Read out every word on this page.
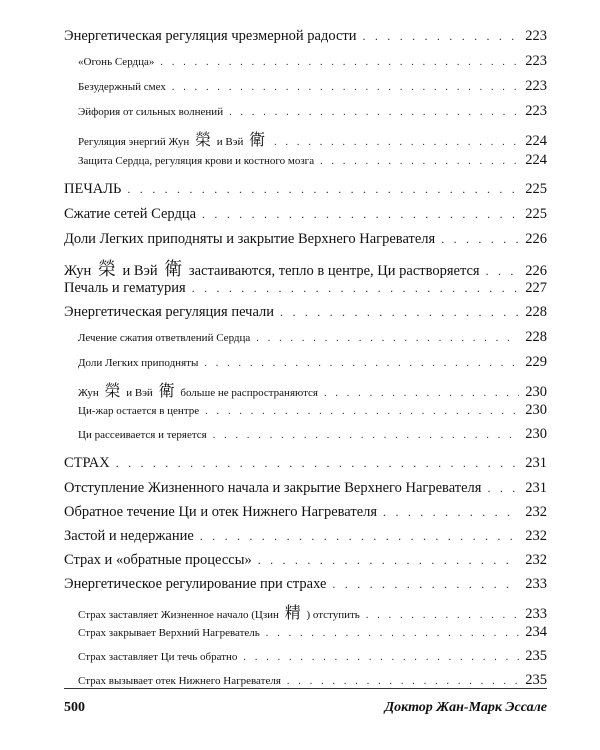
Энергетическая регуляция чрезмерной радости . . .	223
«Огонь Сердца» . . .	223
Безудержный смех . . .	223
Эйфория от сильных волнений . . .	223
Регуляция энергий Жун 榮 и Вэй 衛 . . .	224
Защита Сердца, регуляция крови и костного мозга . . .	224
ПЕЧАЛЬ . . .	225
Сжатие сетей Сердца . . .	225
Доли Легких приподняты и закрытие Верхнего Нагревателя . . .	226
Жун 榮 и Вэй 衛 застаиваются, тепло в центре, Ци растворяется . . .	226
Печаль и гематурия . . .	227
Энергетическая регуляция печали . . .	228
Лечение сжатия ответвлений Сердца . . .	228
Доли Легких приподняты . . .	229
Жун 榮 и Вэй 衛 больше не распространяются . . .	230
Ци-жар остается в центре . . .	230
Ци рассеивается и теряется . . .	230
СТРАХ . . .	231
Отступление Жизненного начала и закрытие Верхнего Нагревателя . . .	231
Обратное течение Ци и отек Нижнего Нагревателя . . .	232
Застой и недержание . . .	232
Страх и «обратные процессы» . . .	232
Энергетическое регулирование при страхе . . .	233
Страх заставляет Жизненное начало (Цзин 精 ) отступить . . .	233
Страх закрывает Верхний Нагреватель . . .	234
Страх заставляет Ци течь обратно . . .	235
Страх вызывает отек Нижнего Нагревателя . . .	235
500	Доктор Жан-Марк Эссале
